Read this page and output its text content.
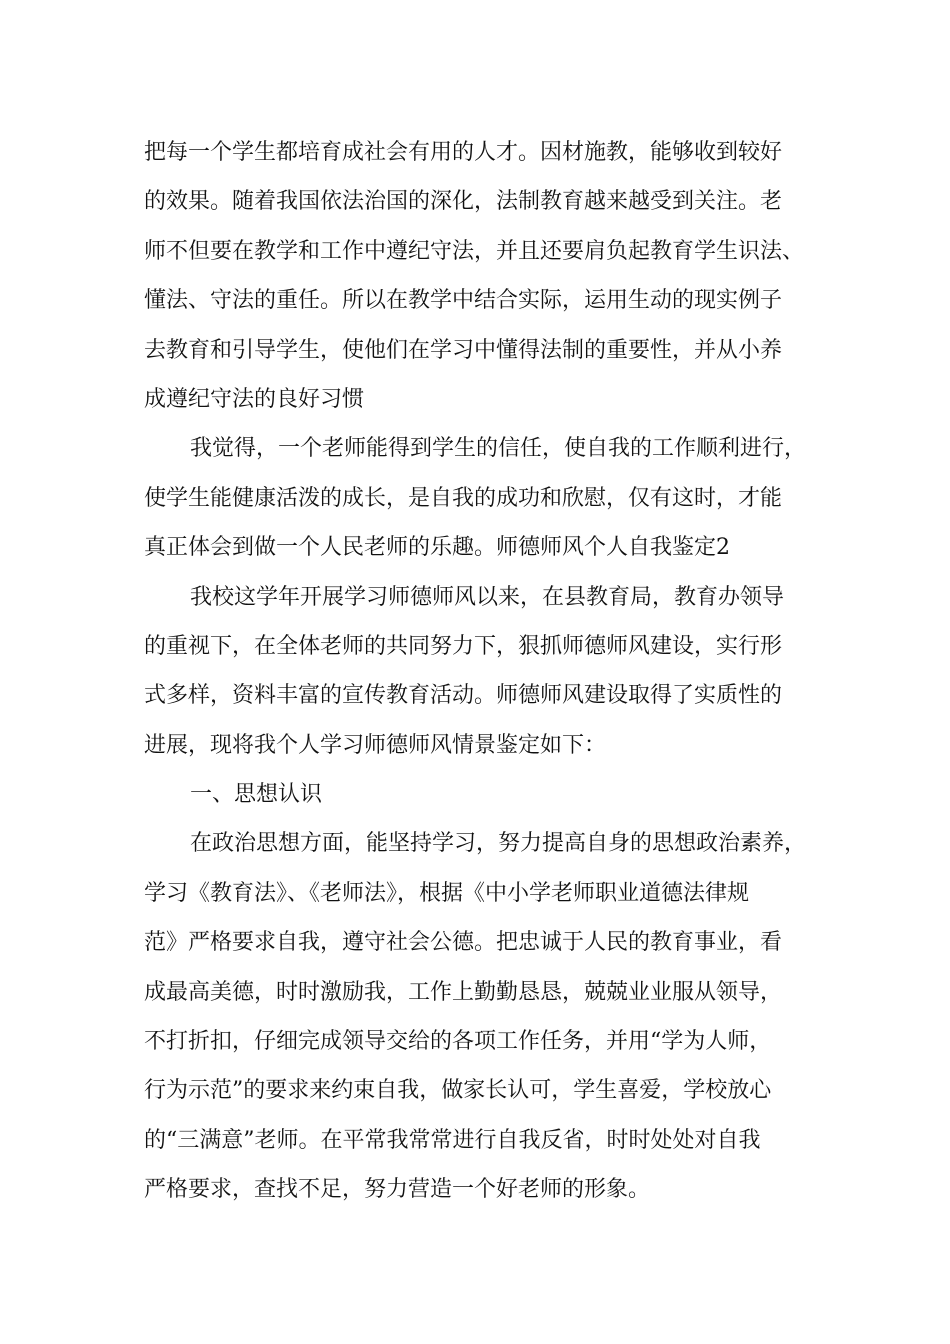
把每一个学生都培育成社会有用的人才。因材施教，能够收到较好
的效果。随着我国依法治国的深化，法制教育越来越受到关注。老
师不但要在教学和工作中遵纪守法，并且还要肩负起教育学生识法、
懂法、守法的重任。所以在教学中结合实际，运用生动的现实例子
去教育和引导学生，使他们在学习中懂得法制的重要性，并从小养
成遵纪守法的良好习惯
我觉得，一个老师能得到学生的信任，使自我的工作顺利进行，
使学生能健康活泼的成长，是自我的成功和欣慰，仅有这时，才能
真正体会到做一个人民老师的乐趣。师德师风个人自我鉴定2
我校这学年开展学习师德师风以来，在县教育局，教育办领导
的重视下，在全体老师的共同努力下，狠抓师德师风建设，实行形
式多样，资料丰富的宣传教育活动。师德师风建设取得了实质性的
进展，现将我个人学习师德师风情景鉴定如下：
一、思想认识
在政治思想方面，能坚持学习，努力提高自身的思想政治素养，
学习《教育法》、《老师法》，根据《中小学老师职业道德法律规
范》严格要求自我，遵守社会公德。把忠诚于人民的教育事业，看
成最高美德，时时激励我，工作上勤勤恳恳，兢兢业业服从领导，
不打折扣，仔细完成领导交给的各项工作任务，并用“学为人师，
行为示范”的要求来约束自我，做家长认可，学生喜爱，学校放心
的“三满意”老师。在平常我常常进行自我反省，时时处处对自我
严格要求，查找不足，努力营造一个好老师的形象。
